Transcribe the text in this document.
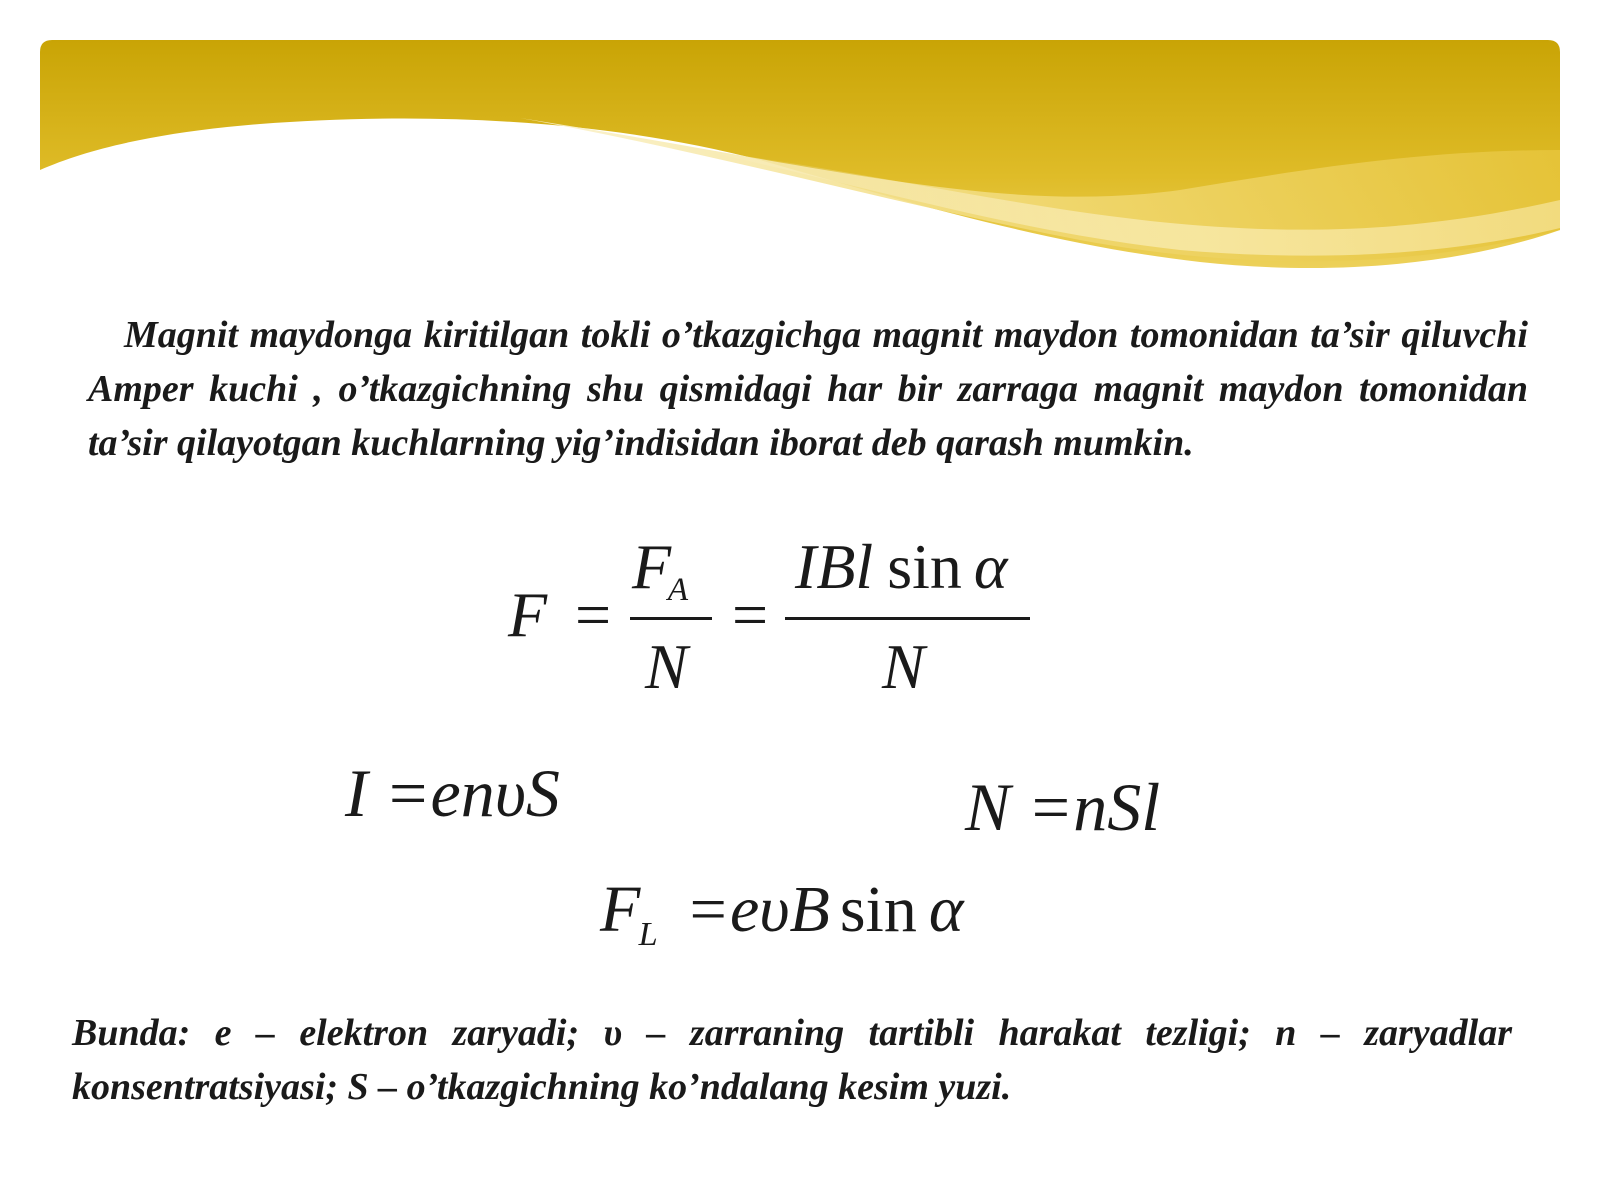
Magnit maydonga kiritilgan tokli o’tkazgichga magnit maydon tomonidan ta’sir qiluvchi Amper kuchi , o’tkazgichning shu qismidagi har bir zarraga magnit maydon tomonidan ta’sir qilayotgan kuchlarning yig’indisidan iborat deb qarash mumkin.
F =
FA
N
=
IBl sin α
N
I =enυS	N =nSl
$F_L =e\upsilon B$ sin α
Bunda: e – elektron zaryadi; υ – zarraning tartibli harakat tezligi; n – zaryadlar konsentratsiyasi; S – o’tkazgichning ko’ndalang kesim yuzi.
